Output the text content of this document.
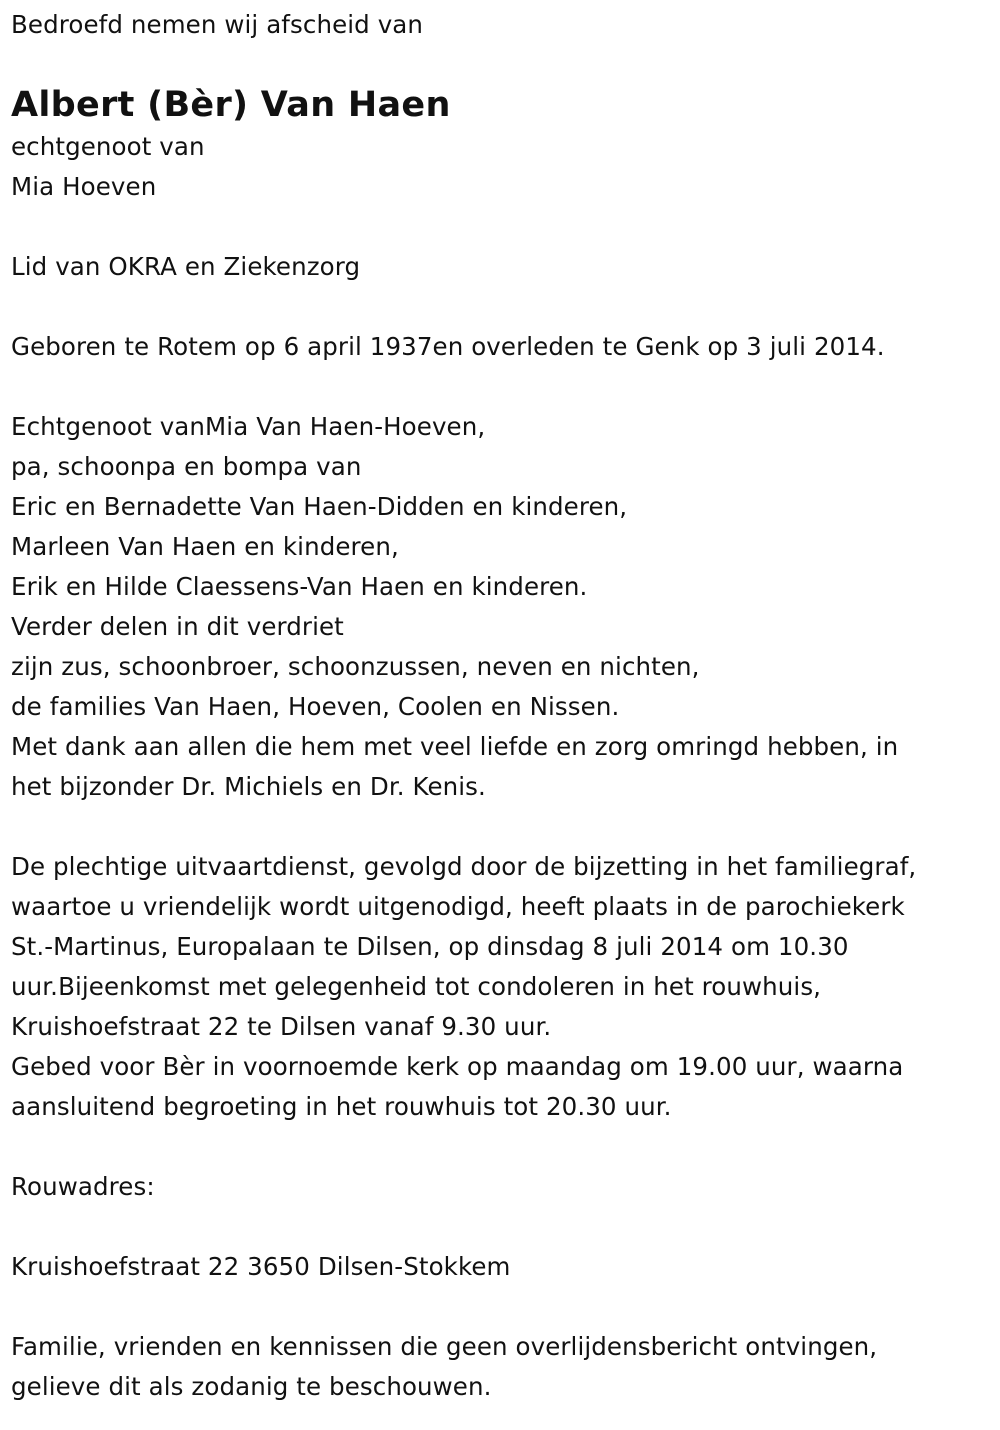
Bedroefd nemen wij afscheid van
Albert (Bèr) Van Haen
echtgenoot van
Mia Hoeven
Lid van OKRA en Ziekenzorg
Geboren te Rotem op 6 april 1937en overleden te Genk op 3 juli 2014.
Echtgenoot vanMia Van Haen-Hoeven,
pa, schoonpa en bompa van
Eric en Bernadette Van Haen-Didden en kinderen,
Marleen Van Haen en kinderen,
Erik en Hilde Claessens-Van Haen en kinderen.
Verder delen in dit verdriet
zijn zus, schoonbroer, schoonzussen, neven en nichten,
de families Van Haen, Hoeven, Coolen en Nissen.
Met dank aan allen die hem met veel liefde en zorg omringd hebben, in
het bijzonder Dr. Michiels en Dr. Kenis.
De plechtige uitvaartdienst, gevolgd door de bijzetting in het familiegraf,
waartoe u vriendelijk wordt uitgenodigd, heeft plaats in de parochiekerk
St.-Martinus, Europalaan te Dilsen, op dinsdag 8 juli 2014 om 10.30
uur.Bijeenkomst met gelegenheid tot condoleren in het rouwhuis,
Kruishoefstraat 22 te Dilsen vanaf 9.30 uur.
Gebed voor Bèr in voornoemde kerk op maandag om 19.00 uur, waarna
aansluitend begroeting in het rouwhuis tot 20.30 uur.
Rouwadres:
Kruishoefstraat 22 3650 Dilsen-Stokkem
Familie, vrienden en kennissen die geen overlijdensbericht ontvingen,
gelieve dit als zodanig te beschouwen.
